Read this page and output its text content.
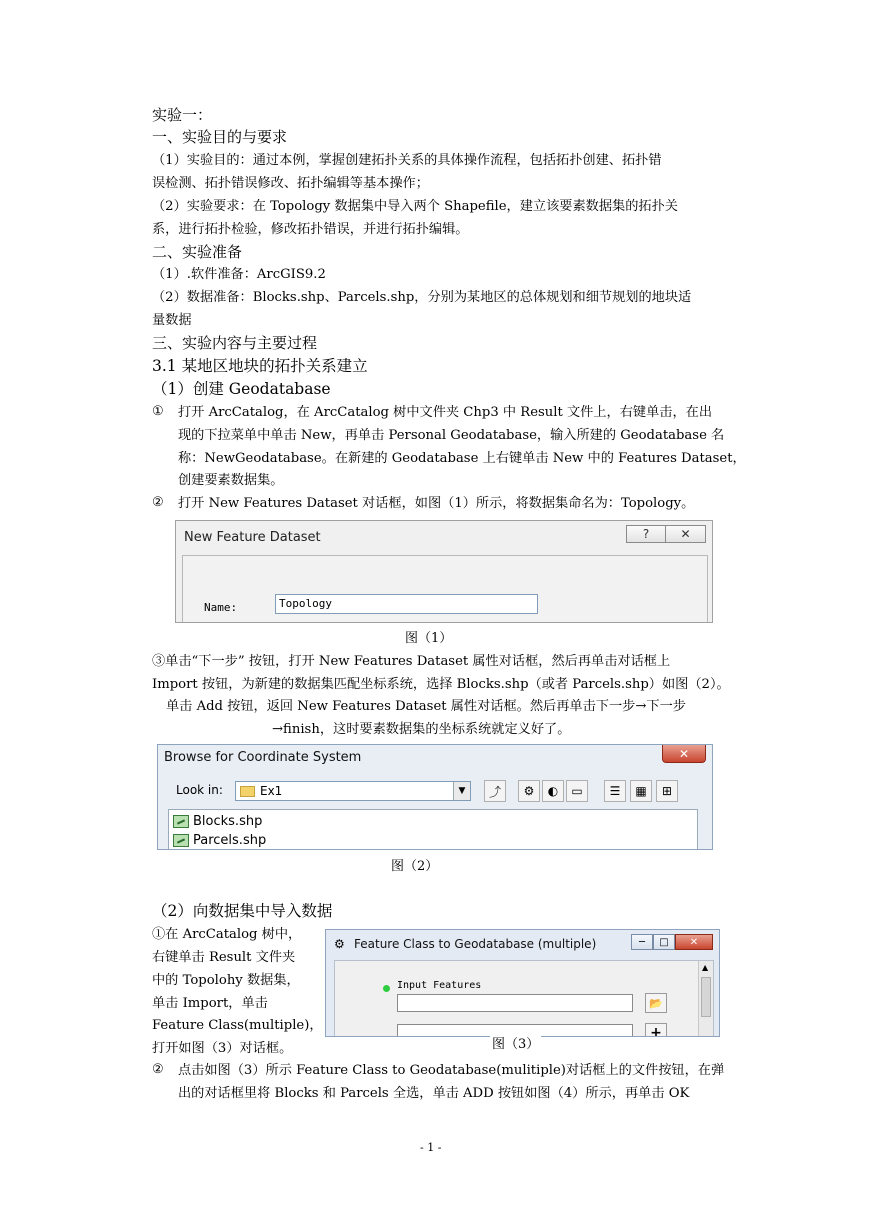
实验一：
一、实验目的与要求
（1）实验目的：通过本例，掌握创建拓扑关系的具体操作流程，包括拓扑创建、拓扑错
误检测、拓扑错误修改、拓扑编辑等基本操作；
（2）实验要求：在 Topology 数据集中导入两个 Shapefile，建立该要素数据集的拓扑关
系，进行拓扑检验，修改拓扑错误，并进行拓扑编辑。
二、实验准备
（1）.软件准备：ArcGIS9.2
（2）数据准备：Blocks.shp、Parcels.shp，分别为某地区的总体规划和细节规划的地块适
量数据
三、实验内容与主要过程
3.1 某地区地块的拓扑关系建立
（1）创建 Geodatabase
① 打开 ArcCatalog，在 ArcCatalog 树中文件夹 Chp3 中 Result 文件上，右键单击，在出
现的下拉菜单中单击 New，再单击 Personal Geodatabase，输入所建的 Geodatabase 名
称：NewGeodatabase。在新建的 Geodatabase 上右键单击 New 中的 Features Dataset，
创建要素数据集。
② 打开 New Features Dataset 对话框，如图（1）所示，将数据集命名为：Topology。
New Feature Dataset	?	✕
Name:	Topology
图（1）
③单击“下一步” 按钮，打开 New Features Dataset 属性对话框，然后再单击对话框上
Import 按钮，为新建的数据集匹配坐标系统，选择 Blocks.shp（或者 Parcels.shp）如图（2）。
单击 Add 按钮，返回 New Features Dataset 属性对话框。然后再单击下一步→下一步
→finish，这时要素数据集的坐标系统就定义好了。
Browse for Coordinate System	✕
Look in:	Ex1	▼	⤴	⚙	◐	▭	☰	▦	⊞
Blocks.shp
Parcels.shp
图（2）
（2）向数据集中导入数据
①在 ArcCatalog 树中，
右键单击 Result 文件夹
中的 Topolohy 数据集，
单击 Import，单击
Feature Class(multiple)，
打开如图（3）对话框。
⚙ Feature Class to Geodatabase (multiple)	─	□	✕
Input Features
📂
+
▲
图（3）
② 点击如图（3）所示 Feature Class to Geodatabase(mulitiple)对话框上的文件按钮，在弹
出的对话框里将 Blocks 和 Parcels 全选，单击 ADD 按钮如图（4）所示，再单击 OK
- 1 -
